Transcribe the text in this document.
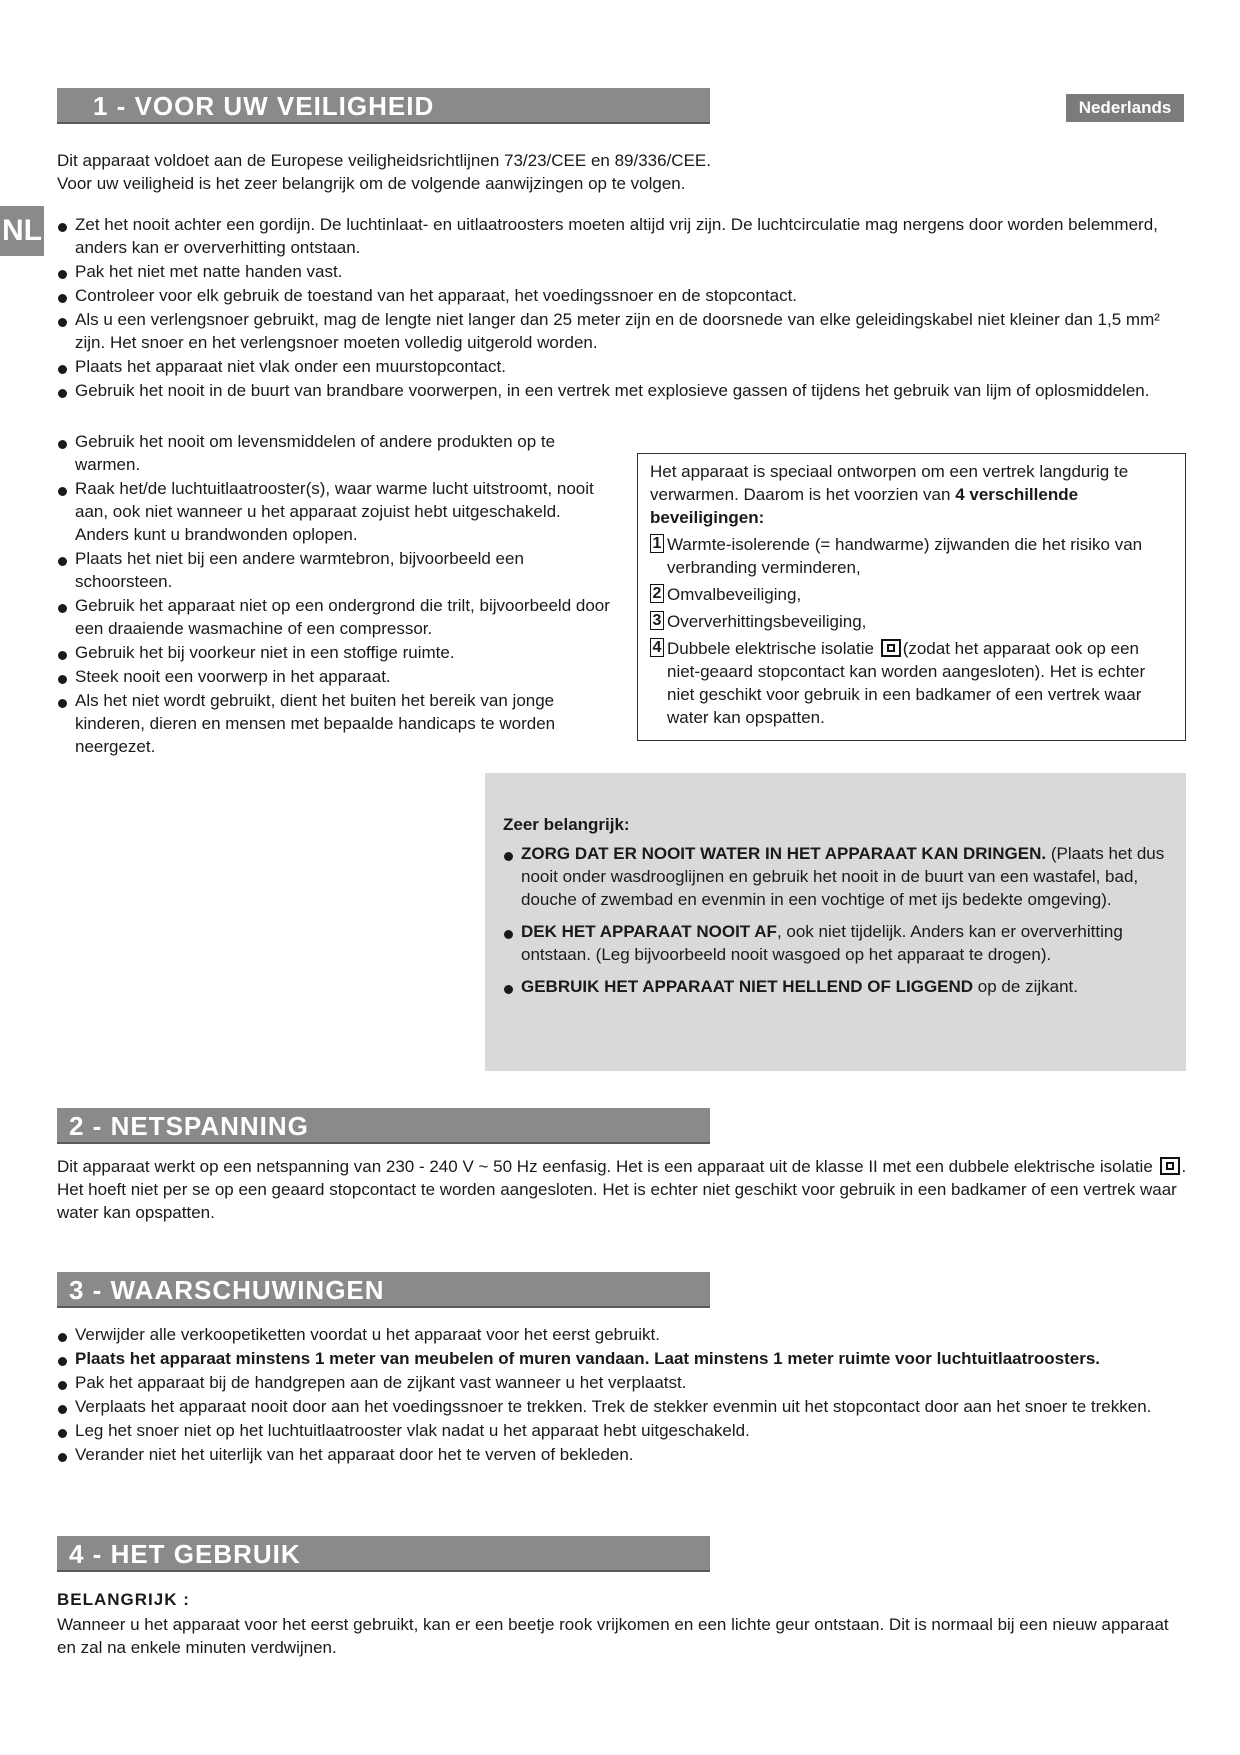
1 - VOOR UW VEILIGHEID	Nederlands
NL
Dit apparaat voldoet aan de Europese veiligheidsrichtlijnen 73/23/CEE en 89/336/CEE.
Voor uw veiligheid is het zeer belangrijk om de volgende aanwijzingen op te volgen.
Zet het nooit achter een gordijn. De luchtinlaat- en uitlaatroosters moeten altijd vrij zijn. De luchtcirculatie mag nergens door worden belemmerd, anders kan er oververhitting ontstaan.
Pak het niet met natte handen vast.
Controleer voor elk gebruik de toestand van het apparaat, het voedingssnoer en de stopcontact.
Als u een verlengsnoer gebruikt, mag de lengte niet langer dan 25 meter zijn en de doorsnede van elke geleidingskabel niet kleiner dan 1,5 mm² zijn. Het snoer en het verlengsnoer moeten volledig uitgerold worden.
Plaats het apparaat niet vlak onder een muurstopcontact.
Gebruik het nooit in de buurt van brandbare voorwerpen, in een vertrek met explosieve gassen of tijdens het gebruik van lijm of oplosmiddelen.
Gebruik het nooit om levensmiddelen of andere produkten op te warmen.
Raak het/de luchtuitlaatrooster(s), waar warme lucht uitstroomt, nooit aan, ook niet wanneer u het apparaat zojuist hebt uitgeschakeld. Anders kunt u brandwonden oplopen.
Plaats het niet bij een andere warmtebron, bijvoorbeeld een schoorsteen.
Gebruik het apparaat niet op een ondergrond die trilt, bijvoorbeeld door een draaiende wasmachine of een compressor.
Gebruik het bij voorkeur niet in een stoffige ruimte.
Steek nooit een voorwerp in het apparaat.
Als het niet wordt gebruikt, dient het buiten het bereik van jonge kinderen, dieren en mensen met bepaalde handicaps te worden neergezet.
Het apparaat is speciaal ontworpen om een vertrek langdurig te verwarmen. Daarom is het voorzien van 4 verschillende beveiligingen:
1 Warmte-isolerende (= handwarme) zijwanden die het risiko van verbranding verminderen,
2 Omvalbeveiliging,
3 Oververhittingsbeveiliging,
4 Dubbele elektrische isolatie (zodat het apparaat ook op een niet-geaard stopcontact kan worden aangesloten). Het is echter niet geschikt voor gebruik in een badkamer of een vertrek waar water kan opspatten.
Zeer belangrijk:
ZORG DAT ER NOOIT WATER IN HET APPARAAT KAN DRINGEN. (Plaats het dus nooit onder wasdrooglijnen en gebruik het nooit in de buurt van een wastafel, bad, douche of zwembad en evenmin in een vochtige of met ijs bedekte omgeving).
DEK HET APPARAAT NOOIT AF, ook niet tijdelijk. Anders kan er oververhitting ontstaan. (Leg bijvoorbeeld nooit wasgoed op het apparaat te drogen).
GEBRUIK HET APPARAAT NIET HELLEND OF LIGGEND op de zijkant.
2 - NETSPANNING
Dit apparaat werkt op een netspanning van 230 - 240 V ~ 50 Hz eenfasig. Het is een apparaat uit de klasse II met een dubbele elektrische isolatie . Het hoeft niet per se op een geaard stopcontact te worden aangesloten. Het is echter niet geschikt voor gebruik in een badkamer of een vertrek waar water kan opspatten.
3 - WAARSCHUWINGEN
Verwijder alle verkoopetiketten voordat u het apparaat voor het eerst gebruikt.
Plaats het apparaat minstens 1 meter van meubelen of muren vandaan. Laat minstens 1 meter ruimte voor luchtuitlaatroosters.
Pak het apparaat bij de handgrepen aan de zijkant vast wanneer u het verplaatst.
Verplaats het apparaat nooit door aan het voedingssnoer te trekken. Trek de stekker evenmin uit het stopcontact door aan het snoer te trekken.
Leg het snoer niet op het luchtuitlaatrooster vlak nadat u het apparaat hebt uitgeschakeld.
Verander niet het uiterlijk van het apparaat door het te verven of bekleden.
4 - HET GEBRUIK
BELANGRIJK :
Wanneer u het apparaat voor het eerst gebruikt, kan er een beetje rook vrijkomen en een lichte geur ontstaan. Dit is normaal bij een nieuw apparaat en zal na enkele minuten verdwijnen.
